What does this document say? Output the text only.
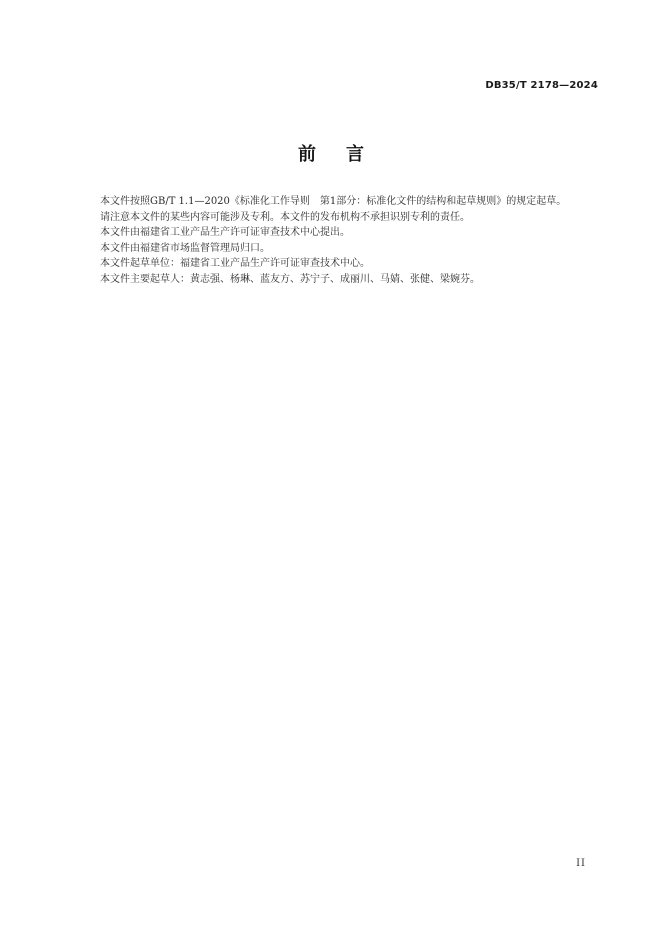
DB35/T 2178—2024
前 言

本文件按照GB/T 1.1—2020《标准化工作导则　第1部分：标准化文件的结构和起草规则》的规定起草。

请注意本文件的某些内容可能涉及专利。本文件的发布机构不承担识别专利的责任。

本文件由福建省工业产品生产许可证审查技术中心提出。

本文件由福建省市场监督管理局归口。

本文件起草单位：福建省工业产品生产许可证审查技术中心。

本文件主要起草人：黄志强、杨琳、蓝友方、苏宁子、成丽川、马婧、张健、梁婉芬。

II
